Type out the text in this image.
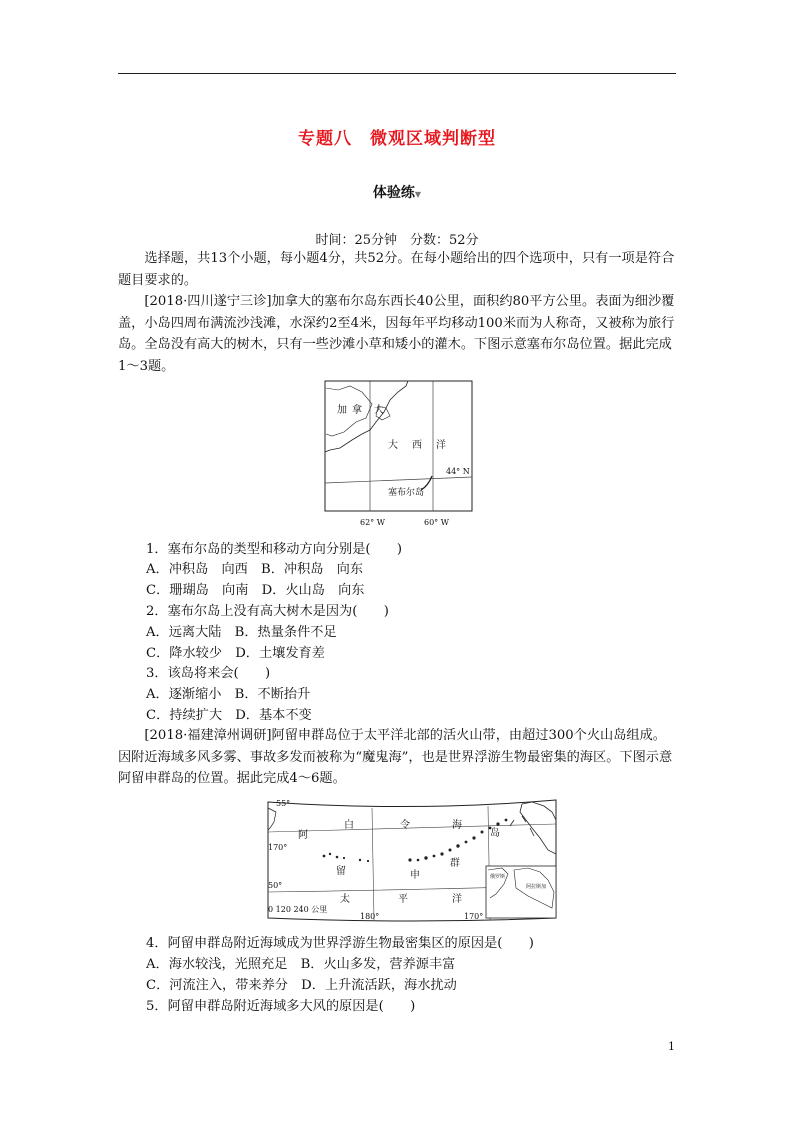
专题八　微观区域判断型
体验练▼
时间：25分钟　分数：52分

选择题，共13个小题，每小题4分，共52分。在每小题给出的四个选项中，只有一项是符合题目要求的。

[2018·四川遂宁三诊]加拿大的塞布尔岛东西长40公里，面积约80平方公里。表面为细沙覆盖，小岛四周布满流沙浅滩，水深约2至4米，因每年平均移动100米而为人称奇，又被称为旅行岛。全岛没有高大的树木，只有一些沙滩小草和矮小的灌木。下图示意塞布尔岛位置。据此完成1～3题。

加 拿 大
大 西 洋
44° N
塞布尔岛
62° W	60° W
1．塞布尔岛的类型和移动方向分别是(　　)
A．冲积岛　向西　B．冲积岛　向东
C．珊瑚岛　向南　D．火山岛　向东
2．塞布尔岛上没有高大树木是因为(　　)
A．远离大陆　B．热量条件不足
C．降水较少　D．土壤发育差
3．该岛将来会(　　)
A．逐渐缩小　B．不断抬升
C．持续扩大　D．基本不变

[2018·福建漳州调研]阿留申群岛位于太平洋北部的活火山带，由超过300个火山岛组成。因附近海域多风多雾、事故多发而被称为“魔鬼海”，也是世界浮游生物最密集的海区。下图示意阿留申群岛的位置。据此完成4～6题。

俄罗斯
阿拉斯加
55°
170°
50°
180°	170°
0 120 240 公里
阿
留	申
群
岛
白	令	海
太	平	洋
4．阿留申群岛附近海域成为世界浮游生物最密集区的原因是(　　)
A．海水较浅，光照充足　B．火山多发，营养源丰富
C．河流注入，带来养分　D．上升流活跃，海水扰动
5．阿留申群岛附近海域多大风的原因是(　　)
1
